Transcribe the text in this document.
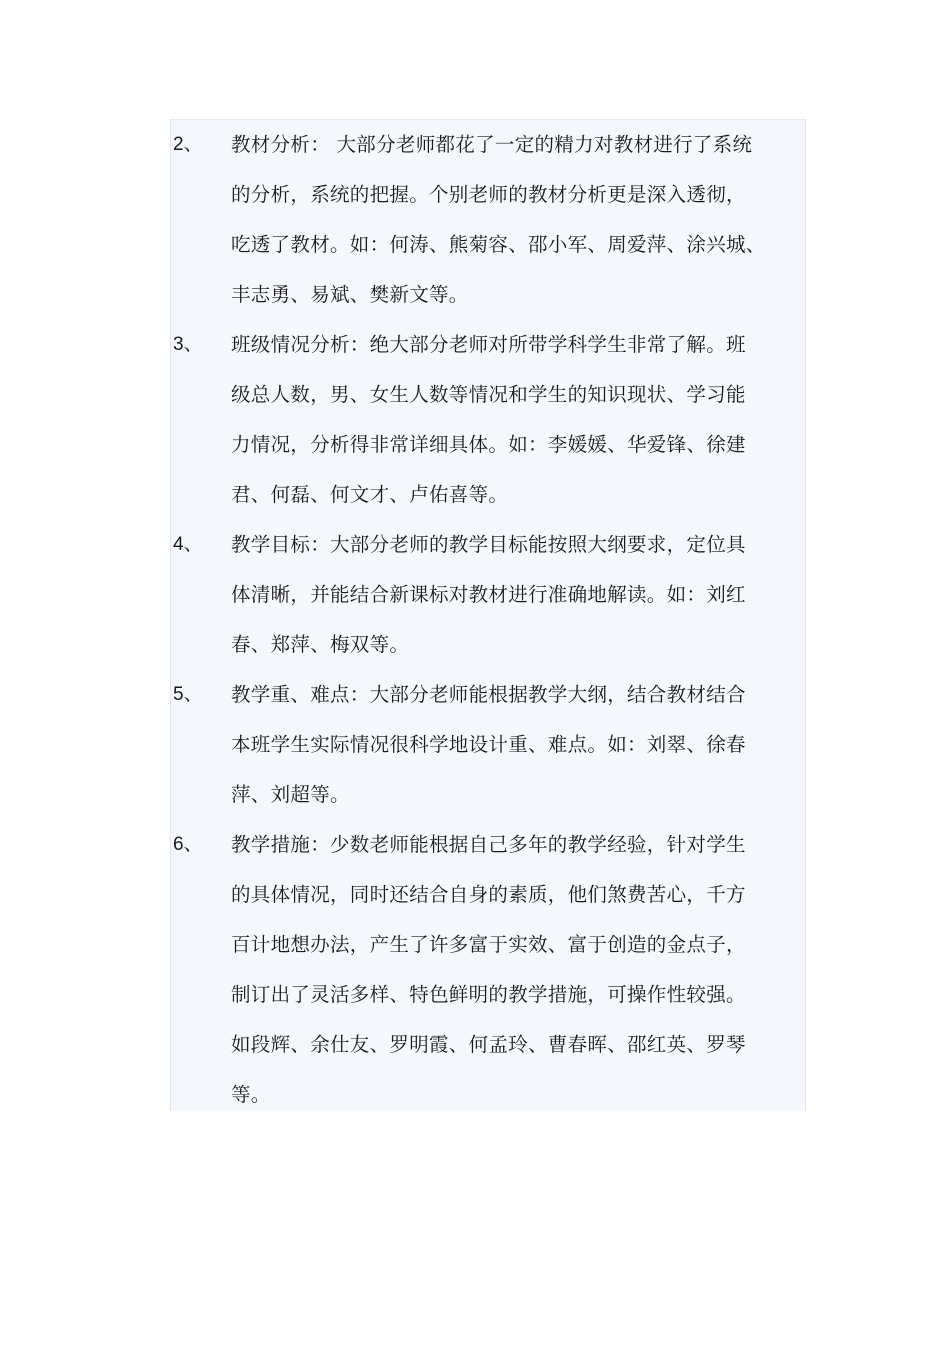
2、	教材分析： 大部分老师都花了一定的精力对教材进行了系统
的分析，系统的把握。个别老师的教材分析更是深入透彻，
吃透了教材。如：何涛、熊菊容、邵小军、周爱萍、涂兴城、
丰志勇、易斌、樊新文等。
3、	班级情况分析：绝大部分老师对所带学科学生非常了解。班
级总人数，男、女生人数等情况和学生的知识现状、学习能
力情况，分析得非常详细具体。如：李媛媛、华爱锋、徐建
君、何磊、何文才、卢佑喜等。
4、	教学目标：大部分老师的教学目标能按照大纲要求，定位具
体清晰，并能结合新课标对教材进行准确地解读。如：刘红
春、郑萍、梅双等。
5、	教学重、难点：大部分老师能根据教学大纲，结合教材结合
本班学生实际情况很科学地设计重、难点。如：刘翠、徐春
萍、刘超等。
6、	教学措施：少数老师能根据自己多年的教学经验，针对学生
的具体情况，同时还结合自身的素质，他们煞费苦心，千方
百计地想办法，产生了许多富于实效、富于创造的金点子，
制订出了灵活多样、特色鲜明的教学措施，可操作性较强。
如段辉、余仕友、罗明霞、何孟玲、曹春晖、邵红英、罗琴
等。
